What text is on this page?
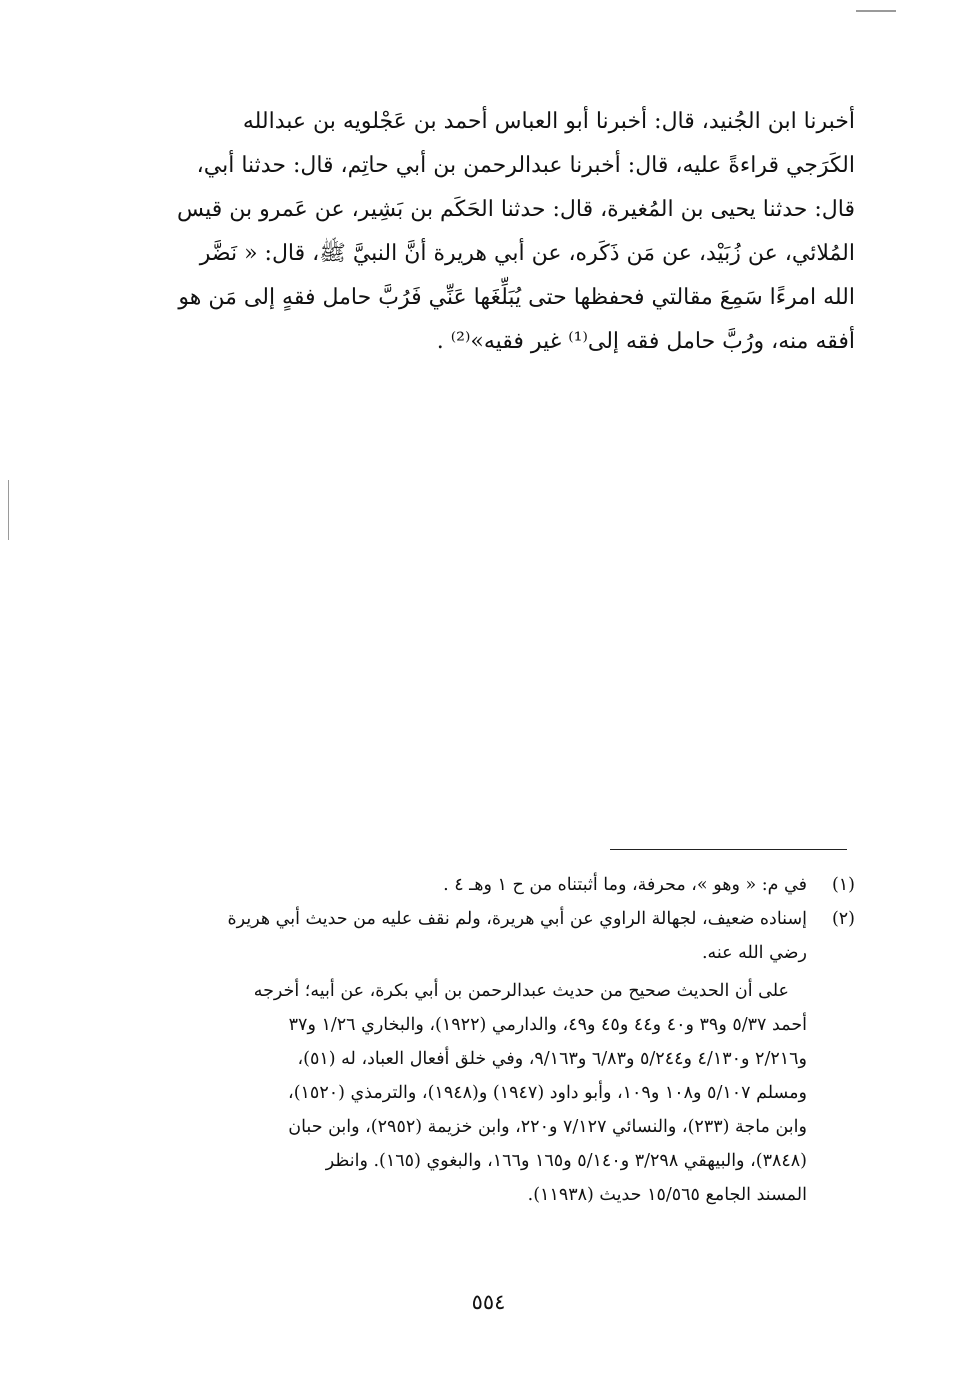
أخبرنا ابن الجُنيد، قال: أخبرنا أبو العباس أحمد بن عَجْلويه بن عبدالله
الكَرَجي قراءةً عليه، قال: أخبرنا عبدالرحمن بن أبي حاتِم، قال: حدثنا أبي،
قال: حدثنا يحيى بن المُغيرة، قال: حدثنا الحَكَم بن بَشِير، عن عَمرو بن قيس
المُلائي، عن زُبَيْد، عن مَن ذَكَره، عن أبي هريرة أنَّ النبيَّ ﷺ، قال: « نَضَّر
الله امرءًا سَمِعَ مقالتي فحفظها حتى يُبَلِّغَها عَنِّي فَرُبَّ حامل فقهٍ إلى مَن هو
أفقه منه، ورُبَّ حامل فقه إلى⁽¹⁾ غير فقيه»⁽²⁾ .
(١)
في م: « وهو »، محرفة، وما أثبتناه من ح ١ وهـ ٤ .
(٢)
إسناده ضعيف، لجهالة الراوي عن أبي هريرة، ولم نقف عليه من حديث أبي هريرة
رضي الله عنه.
على أن الحديث صحيح من حديث عبدالرحمن بن أبي بكرة، عن أبيه؛ أخرجه
أحمد ٥/٣٧ و٣٩ و٤٠ و٤٤ و٤٥ و٤٩، والدارمي (١٩٢٢)، والبخاري ١/٢٦ و٣٧
و٢/٢١٦ و٤/١٣٠ و٥/٢٤٤ و٦/٨٣ و٩/١٦٣، وفي خلق أفعال العباد، له (٥١)،
ومسلم ٥/١٠٧ و١٠٨ و١٠٩، وأبو داود (١٩٤٧) و(١٩٤٨)، والترمذي (١٥٢٠)،
وابن ماجة (٢٣٣)، والنسائي ٧/١٢٧ و٢٢٠، وابن خزيمة (٢٩٥٢)، وابن حبان
(٣٨٤٨)، والبيهقي ٣/٢٩٨ و٥/١٤٠ و١٦٥ و١٦٦، والبغوي (١٦٥). وانظر
المسند الجامع ١٥/٥٦٥ حديث (١١٩٣٨).
٥٥٤
